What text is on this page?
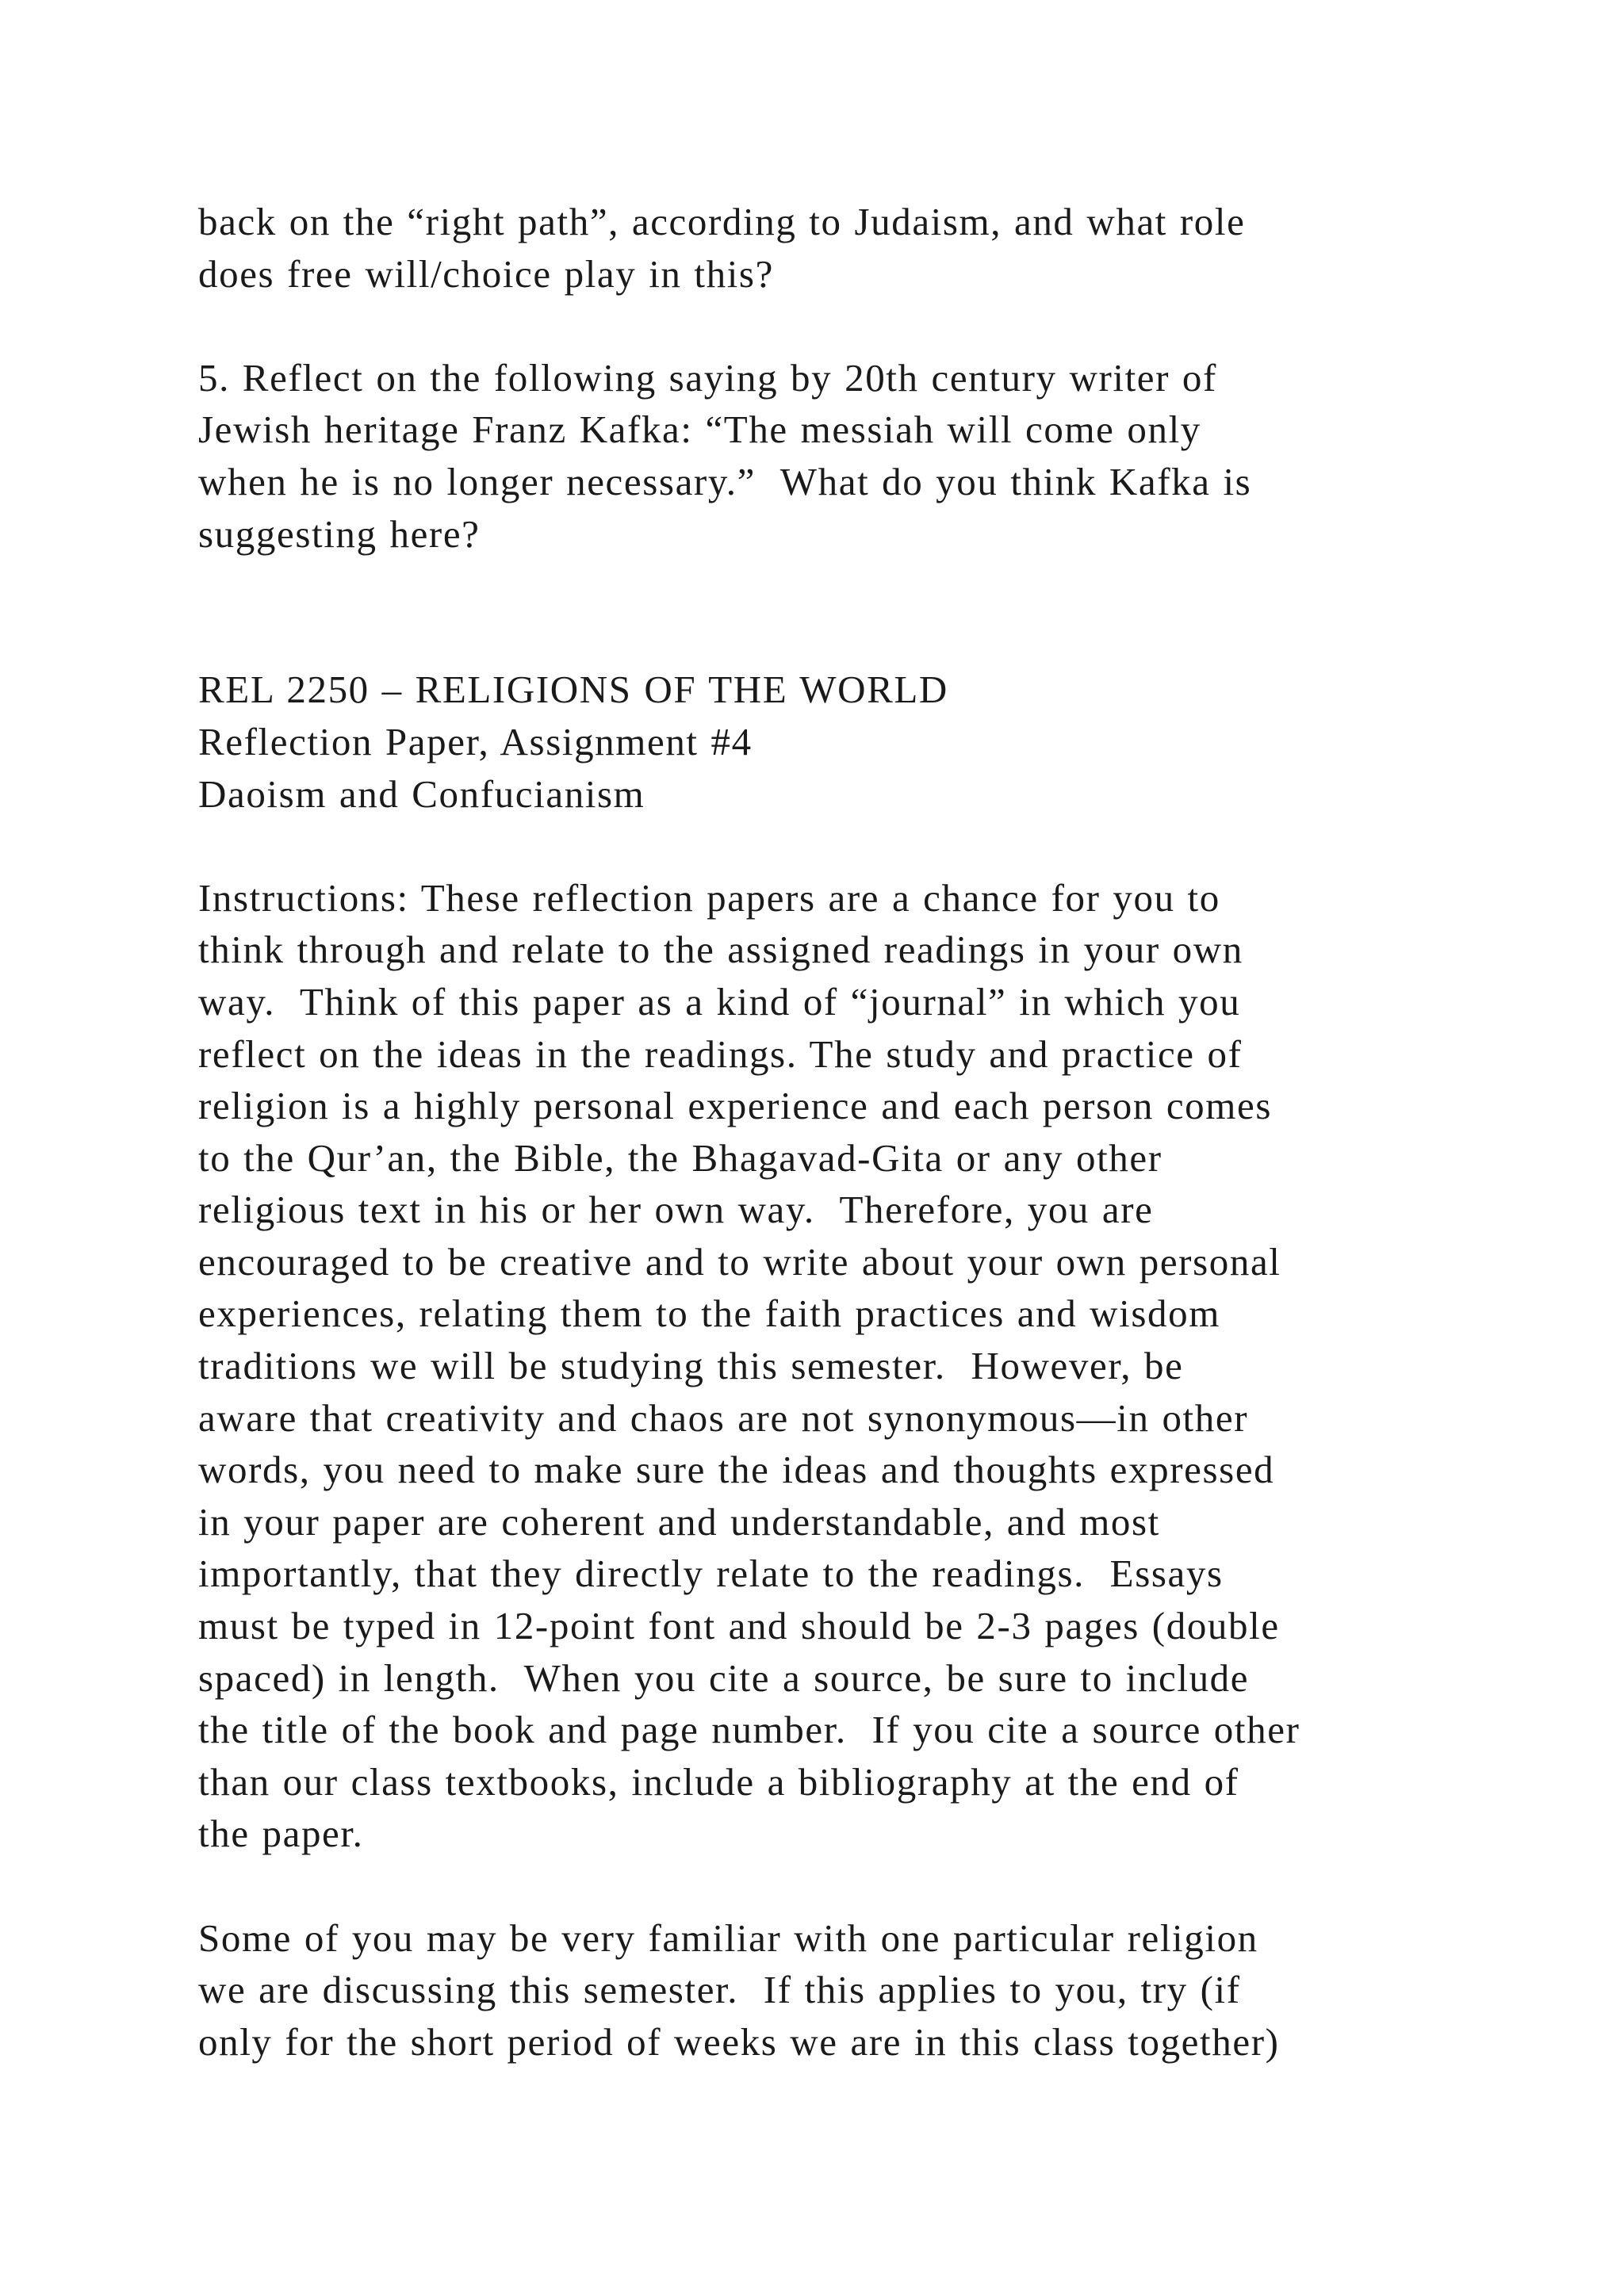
back on the “right path”, according to Judaism, and what role
does free will/choice play in this?
5. Reflect on the following saying by 20th century writer of
Jewish heritage Franz Kafka: “The messiah will come only
when he is no longer necessary.”  What do you think Kafka is
suggesting here?
REL 2250 – RELIGIONS OF THE WORLD
Reflection Paper, Assignment #4
Daoism and Confucianism
Instructions: These reflection papers are a chance for you to
think through and relate to the assigned readings in your own
way.  Think of this paper as a kind of “journal” in which you
reflect on the ideas in the readings. The study and practice of
religion is a highly personal experience and each person comes
to the Qur’an, the Bible, the Bhagavad-Gita or any other
religious text in his or her own way.  Therefore, you are
encouraged to be creative and to write about your own personal
experiences, relating them to the faith practices and wisdom
traditions we will be studying this semester.  However, be
aware that creativity and chaos are not synonymous—in other
words, you need to make sure the ideas and thoughts expressed
in your paper are coherent and understandable, and most
importantly, that they directly relate to the readings.  Essays
must be typed in 12-point font and should be 2-3 pages (double
spaced) in length.  When you cite a source, be sure to include
the title of the book and page number.  If you cite a source other
than our class textbooks, include a bibliography at the end of
the paper.
Some of you may be very familiar with one particular religion
we are discussing this semester.  If this applies to you, try (if
only for the short period of weeks we are in this class together)
